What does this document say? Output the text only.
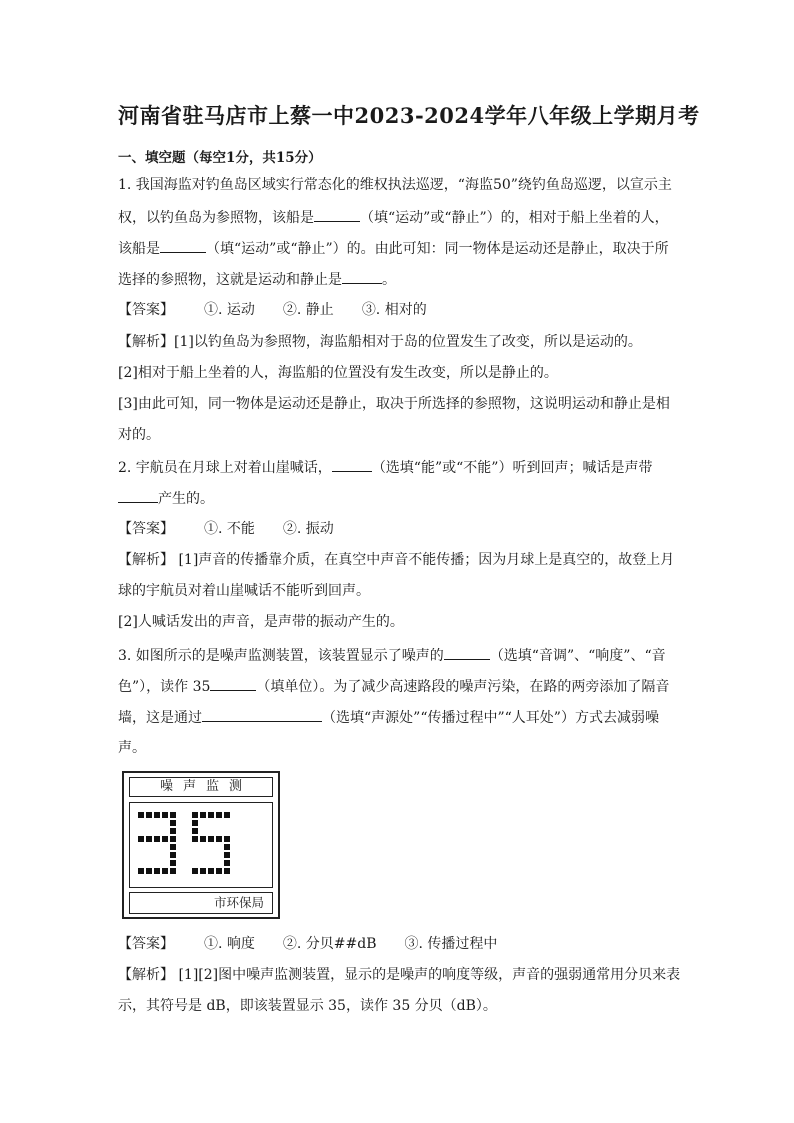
河南省驻马店市上蔡一中2023-2024学年八年级上学期月考
一、填空题（每空1分，共15分）
1. 我国海监对钓鱼岛区域实行常态化的维权执法巡逻，“海监50”绕钓鱼岛巡逻，以宣示主
权，以钓鱼岛为参照物，该船是	（填“运动”或“静止”）的，相对于船上坐着的人，
该船是	（填“运动”或“静止”）的。由此可知：同一物体是运动还是静止，取决于所
选择的参照物，这就是运动和静止是	。
【答案】 ①. 运动 ②. 静止 ③. 相对的
【解析】[1]以钓鱼岛为参照物，海监船相对于岛的位置发生了改变，所以是运动的。
[2]相对于船上坐着的人，海监船的位置没有发生改变，所以是静止的。
[3]由此可知，同一物体是运动还是静止，取决于所选择的参照物，这说明运动和静止是相
对的。
2. 宇航员在月球上对着山崖喊话，	（选填“能”或“不能”）听到回声；喊话是声带
产生的。
【答案】 ①. 不能 ②. 振动
【解析】 [1]声音的传播靠介质，在真空中声音不能传播；因为月球上是真空的，故登上月
球的宇航员对着山崖喊话不能听到回声。
[2]人喊话发出的声音，是声带的振动产生的。
3. 如图所示的是噪声监测装置，该装置显示了噪声的	（选填“音调”、“响度”、“音
色”），读作 35	（填单位）。为了减少高速路段的噪声污染，在路的两旁添加了隔音
墙，这是通过	（选填“声源处”“传播过程中”“人耳处”）方式去减弱噪
声。
噪声监测
市环保局
【答案】 ①. 响度 ②. 分贝##dB ③. 传播过程中
【解析】 [1][2]图中噪声监测装置，显示的是噪声的响度等级，声音的强弱通常用分贝来表
示，其符号是 dB，即该装置显示 35，读作 35 分贝（dB）。
